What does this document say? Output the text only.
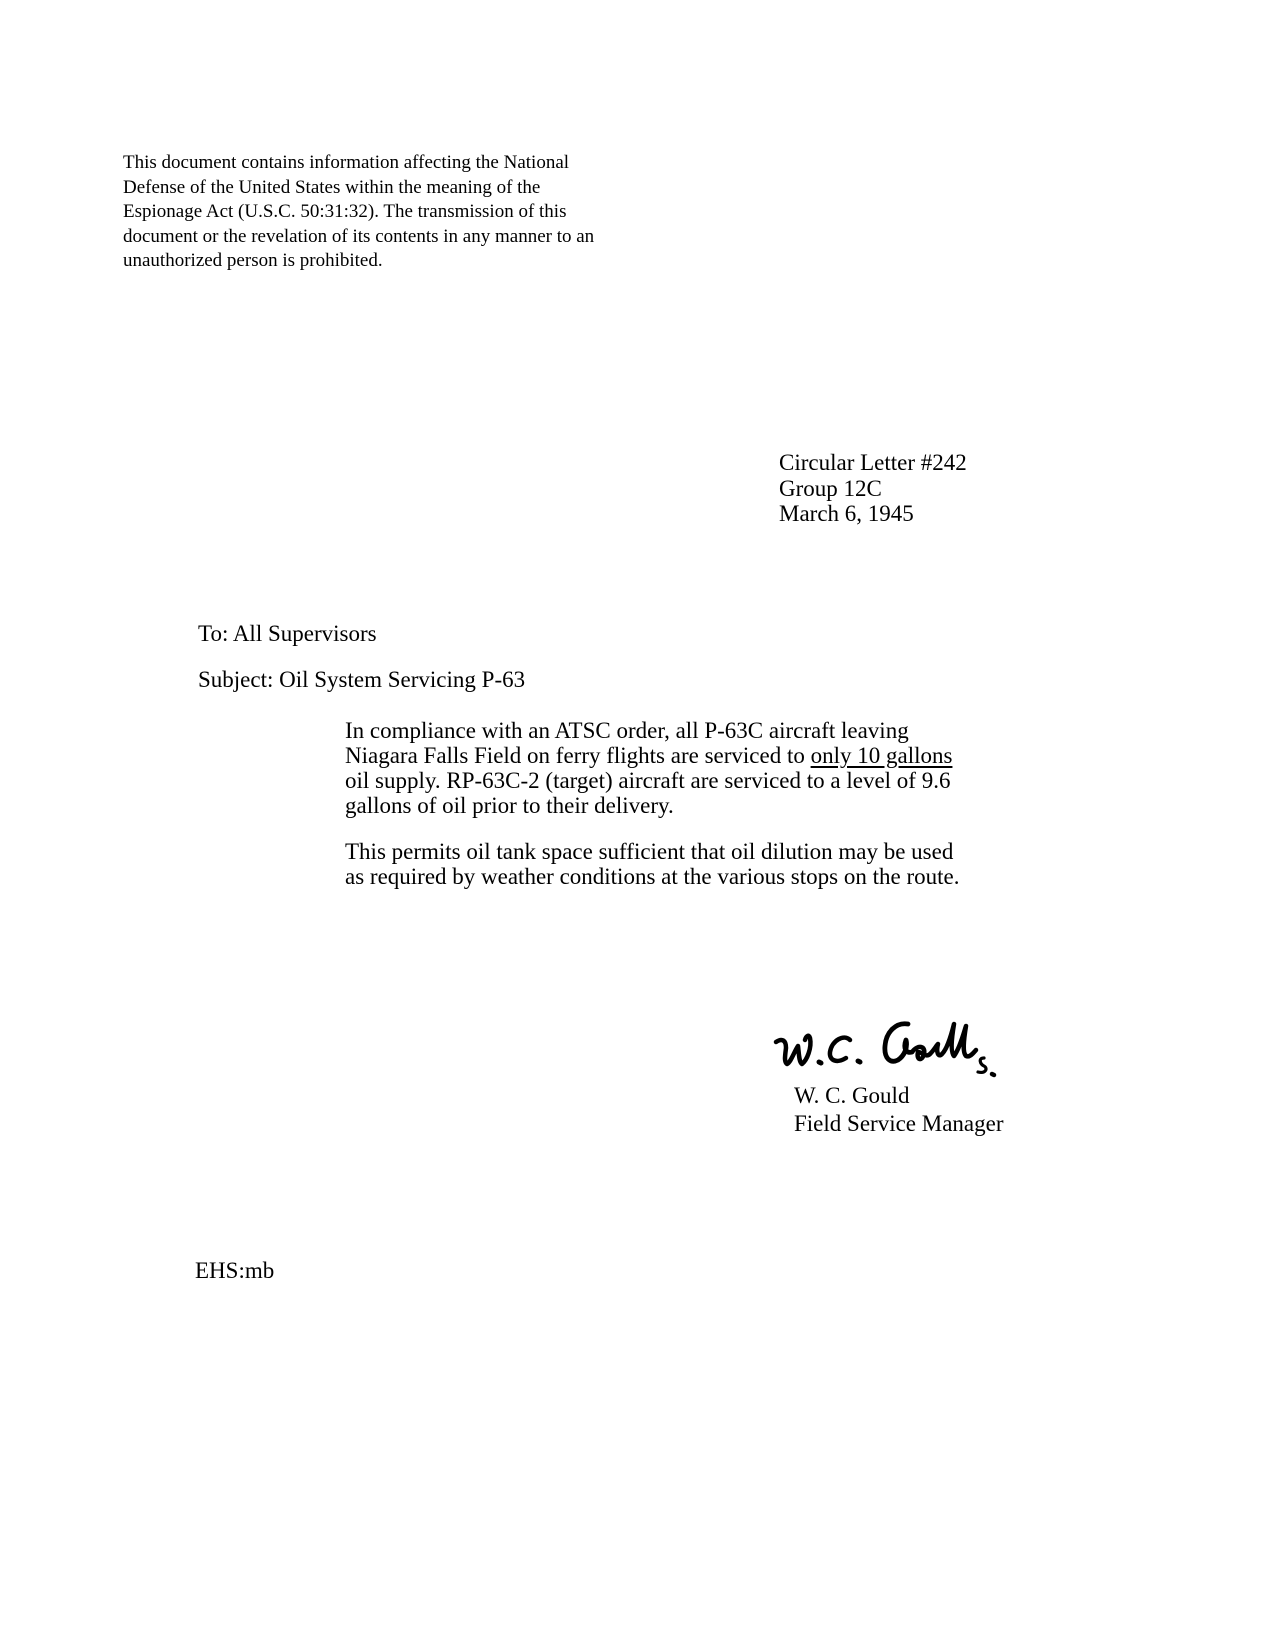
This document contains information affecting the National
Defense of the United States within the meaning of the
Espionage Act (U.S.C. 50:31:32). The transmission of this
document or the revelation of its contents in any manner to an
unauthorized person is prohibited.
Circular Letter #242
Group 12C
March 6, 1945
To: All Supervisors
Subject: Oil System Servicing P-63
In compliance with an ATSC order, all P-63C aircraft leaving
Niagara Falls Field on ferry flights are serviced to only 10 gallons
oil supply. RP-63C-2 (target) aircraft are serviced to a level of 9.6
gallons of oil prior to their delivery.
This permits oil tank space sufficient that oil dilution may be used
as required by weather conditions at the various stops on the route.
W. C. Gould
Field Service Manager
EHS:mb
